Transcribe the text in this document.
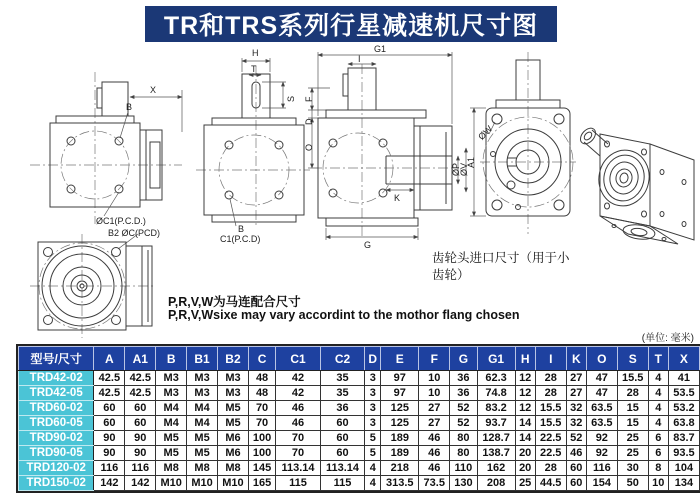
TR和TRS系列行星减速机尺寸图
X
B
ØC1(P.C.D.)
B2 ØC(PCD)
H
T
S
B
C1(P.C.D)
F
D
O
G1
I
K
G
ØP
ØV
A1
ØW
齿轮头进口尺寸（用于小齿轮）
P,R,V,W为马连配合尺寸
P,R,V,Wsixe may vary accordint to the mothor flang chosen
(单位: 毫米)
型号/尺寸	A	A1	B	B1	B2	C	C1	C2	D	E	F	G	G1	H	I	K	O	S	T	X
TRD42-02	42.5	42.5	M3	M3	M3	48	42	35	3	97	10	36	62.3	12	28	27	47	15.5	4	41
TRD42-05	42.5	42.5	M3	M3	M3	48	42	35	3	97	10	36	74.8	12	28	27	47	28	4	53.5
TRD60-02	60	60	M4	M4	M5	70	46	36	3	125	27	52	83.2	12	15.5	32	63.5	15	4	53.2
TRD60-05	60	60	M4	M4	M5	70	46	60	3	125	27	52	93.7	14	15.5	32	63.5	15	4	63.8
TRD90-02	90	90	M5	M5	M6	100	70	60	5	189	46	80	128.7	14	22.5	52	92	25	6	83.7
TRD90-05	90	90	M5	M5	M6	100	70	60	5	189	46	80	138.7	20	22.5	46	92	25	6	93.5
TRD120-02	116	116	M8	M8	M8	145	113.14	113.14	4	218	46	110	162	20	28	60	116	30	8	104
TRD150-02	142	142	M10	M10	M10	165	115	115	4	313.5	73.5	130	208	25	44.5	60	154	50	10	134
